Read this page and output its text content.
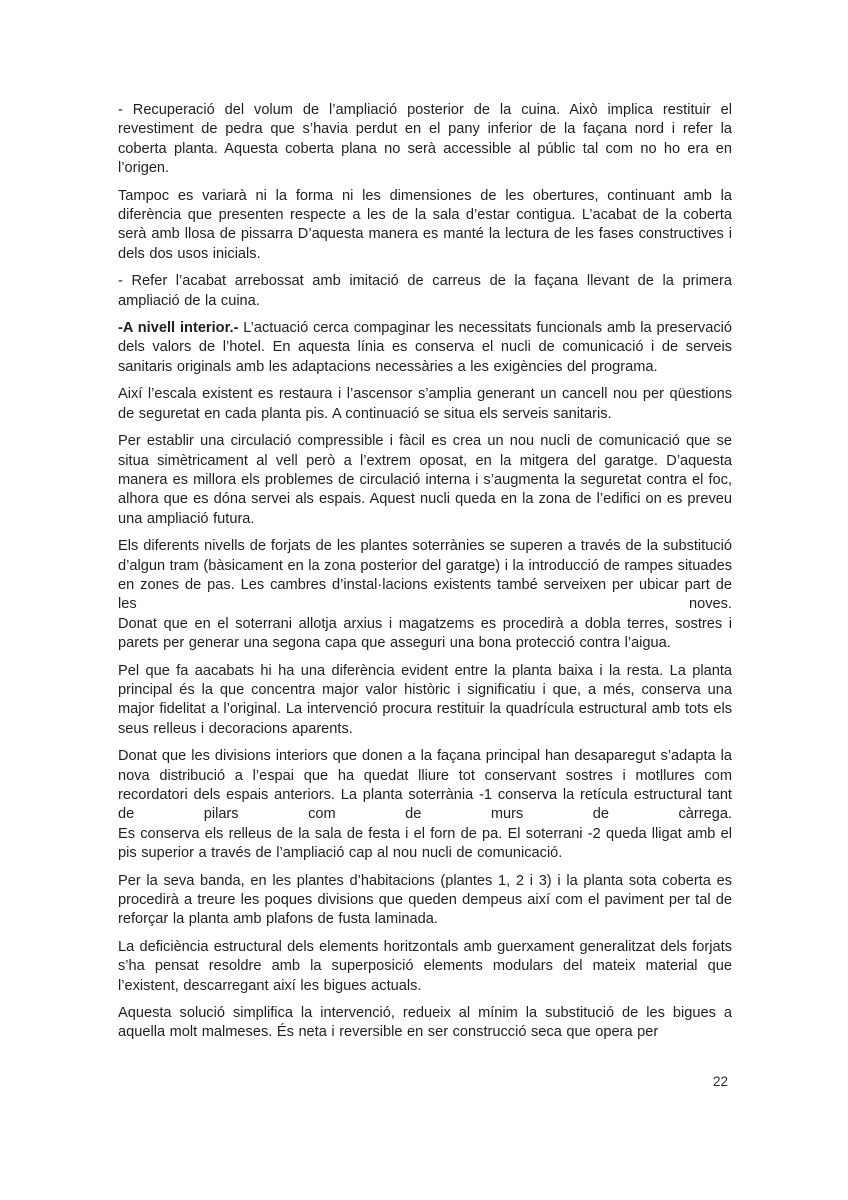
- Recuperació del volum de l’ampliació posterior de la cuina. Això implica restituir el revestiment de pedra que s’havia perdut en el pany inferior de la façana nord i refer la coberta planta. Aquesta coberta plana no serà accessible al públic tal com no ho era en l’origen.

Tampoc es variarà ni la forma ni les dimensiones de les obertures, continuant amb la diferència que presenten respecte a les de la sala d’estar contigua. L’acabat de la coberta serà amb llosa de pissarra D’aquesta manera es manté la lectura de les fases constructives i dels dos usos inicials.

- Refer l’acabat arrebossat amb imitació de carreus de la façana llevant de la primera ampliació de la cuina.

-A nivell interior.- L’actuació cerca compaginar les necessitats funcionals amb la preservació dels valors de l’hotel. En aquesta línia es conserva el nucli de comunicació i de serveis sanitaris originals amb les adaptacions necessàries a les exigències del programa.

Així l’escala existent es restaura i l’ascensor s’amplia generant un cancell nou per qüestions de seguretat en cada planta pis. A continuació se situa els serveis sanitaris.

Per establir una circulació compressible i fàcil es crea un nou nucli de comunicació que se situa simètricament al vell però a l’extrem oposat, en la mitgera del garatge. D’aquesta manera es millora els problemes de circulació interna i s’augmenta la seguretat contra el foc, alhora que es dóna servei als espais. Aquest nucli queda en la zona de l’edifici on es preveu una ampliació futura.

Els diferents nivells de forjats de les plantes soterrànies se superen a través de la substitució d’algun tram (bàsicament en la zona posterior del garatge) i la introducció de rampes situades en zones de pas. Les cambres d’instal·lacions existents també serveixen per ubicar part de les noves.
Donat que en el soterrani allotja arxius i magatzems es procedirà a dobla terres, sostres i parets per generar una segona capa que asseguri una bona protecció contra l’aigua.

Pel que fa aacabats hi ha una diferència evident entre la planta baixa i la resta. La planta principal és la que concentra major valor històric i significatiu i que, a més, conserva una major fidelitat a l’original. La intervenció procura restituir la quadrícula estructural amb tots els seus relleus i decoracions aparents.

Donat que les divisions interiors que donen a la façana principal han desaparegut s’adapta la nova distribució a l’espai que ha quedat lliure tot conservant sostres i motllures com recordatori dels espais anteriors. La planta soterrània -1 conserva la retícula estructural tant de pilars com de murs de càrrega.
Es conserva els relleus de la sala de festa i el forn de pa. El soterrani -2 queda lligat amb el pis superior a través de l’ampliació cap al nou nucli de comunicació.

Per la seva banda, en les plantes d’habitacions (plantes 1, 2 i 3) i la planta sota coberta es procedirà a treure les poques divisions que queden dempeus així com el paviment per tal de reforçar la planta amb plafons de fusta laminada.

La deficiència estructural dels elements horitzontals amb guerxament generalitzat dels forjats s’ha pensat resoldre amb la superposició elements modulars del mateix material que l’existent, descarregant així les bigues actuals.

Aquesta solució simplifica la intervenció, redueix al mínim la substitució de les bigues a aquella molt malmeses. És neta i reversible en ser construcció seca que opera per

22
